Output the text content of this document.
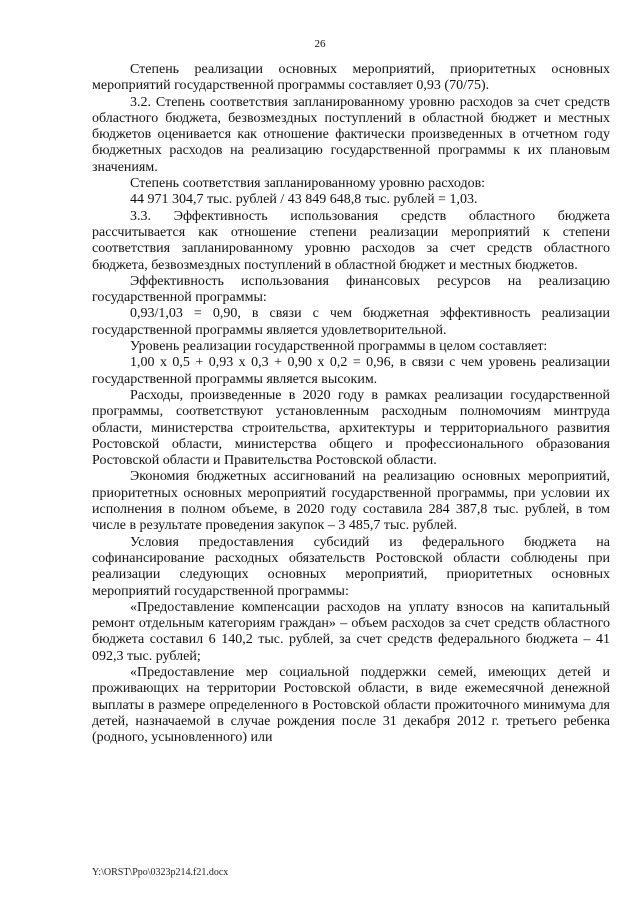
26

Степень реализации основных мероприятий, приоритетных основных мероприятий государственной программы составляет 0,93 (70/75).

3.2. Степень соответствия запланированному уровню расходов за счет средств областного бюджета, безвозмездных поступлений в областной бюджет и местных бюджетов оценивается как отношение фактически произведенных в отчетном году бюджетных расходов на реализацию государственной программы к их плановым значениям.

Степень соответствия запланированному уровню расходов:

44 971 304,7 тыс. рублей / 43 849 648,8 тыс. рублей = 1,03.

3.3. Эффективность использования средств областного бюджета рассчитывается как отношение степени реализации мероприятий к степени соответствия запланированному уровню расходов за счет средств областного бюджета, безвозмездных поступлений в областной бюджет и местных бюджетов.

Эффективность использования финансовых ресурсов на реализацию государственной программы:

0,93/1,03 = 0,90, в связи с чем бюджетная эффективность реализации государственной программы является удовлетворительной.

Уровень реализации государственной программы в целом составляет:

1,00 х 0,5 + 0,93 х 0,3 + 0,90 х 0,2 = 0,96, в связи с чем уровень реализации государственной программы является высоким.

Расходы, произведенные в 2020 году в рамках реализации государственной программы, соответствуют установленным расходным полномочиям минтруда области, министерства строительства, архитектуры и территориального развития Ростовской области, министерства общего и профессионального образования Ростовской области и Правительства Ростовской области.

Экономия бюджетных ассигнований на реализацию основных мероприятий, приоритетных основных мероприятий государственной программы, при условии их исполнения в полном объеме, в 2020 году составила 284 387,8 тыс. рублей, в том числе в результате проведения закупок – 3 485,7 тыс. рублей.

Условия предоставления субсидий из федерального бюджета на софинансирование расходных обязательств Ростовской области соблюдены при реализации следующих основных мероприятий, приоритетных основных мероприятий государственной программы:

«Предоставление компенсации расходов на уплату взносов на капитальный ремонт отдельным категориям граждан» – объем расходов за счет средств областного бюджета составил 6 140,2 тыс. рублей, за счет средств федерального бюджета – 41 092,3 тыс. рублей;

«Предоставление мер социальной поддержки семей, имеющих детей и проживающих на территории Ростовской области, в виде ежемесячной денежной выплаты в размере определенного в Ростовской области прожиточного минимума для детей, назначаемой в случае рождения после 31 декабря 2012 г. третьего ребенка (родного, усыновленного) или

Y:\ORST\Ppo\0323p214.f21.docx
